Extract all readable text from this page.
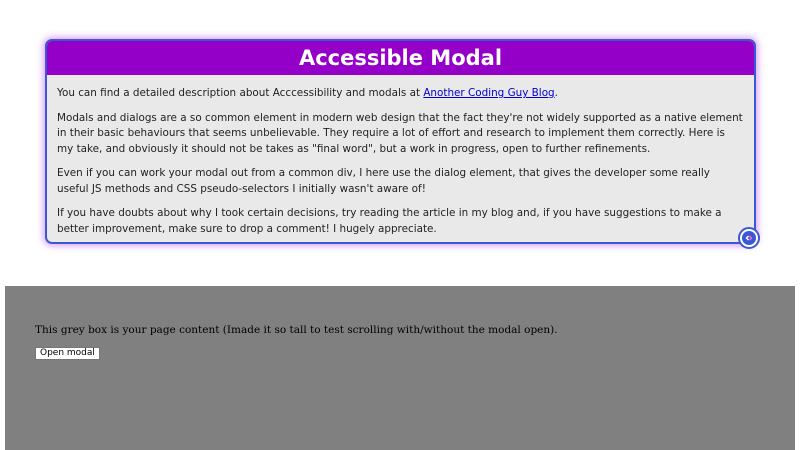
Accessible Modal

You can find a detailed description about Acccessibility and modals at Another Coding Guy Blog.

Modals and dialogs are a so common element in modern web design that the fact they're not widely supported as a native element in their basic behaviours that seems unbelievable. They require a lot of effort and research to implement them correctly. Here is my take, and obviously it should not be takes as "final word", but a work in progress, open to further refinements.

Even if you can work your modal out from a common div, I here use the dialog element, that gives the developer some really useful JS methods and CSS pseudo-selectors I initially wasn't aware of!

If you have doubts about why I took certain decisions, try reading the article in my blog and, if you have suggestions to make a better improvement, make sure to drop a comment! I hugely appreciate.

This grey box is your page content (Imade it so tall to test scrolling with/without the modal open).

Open modal
